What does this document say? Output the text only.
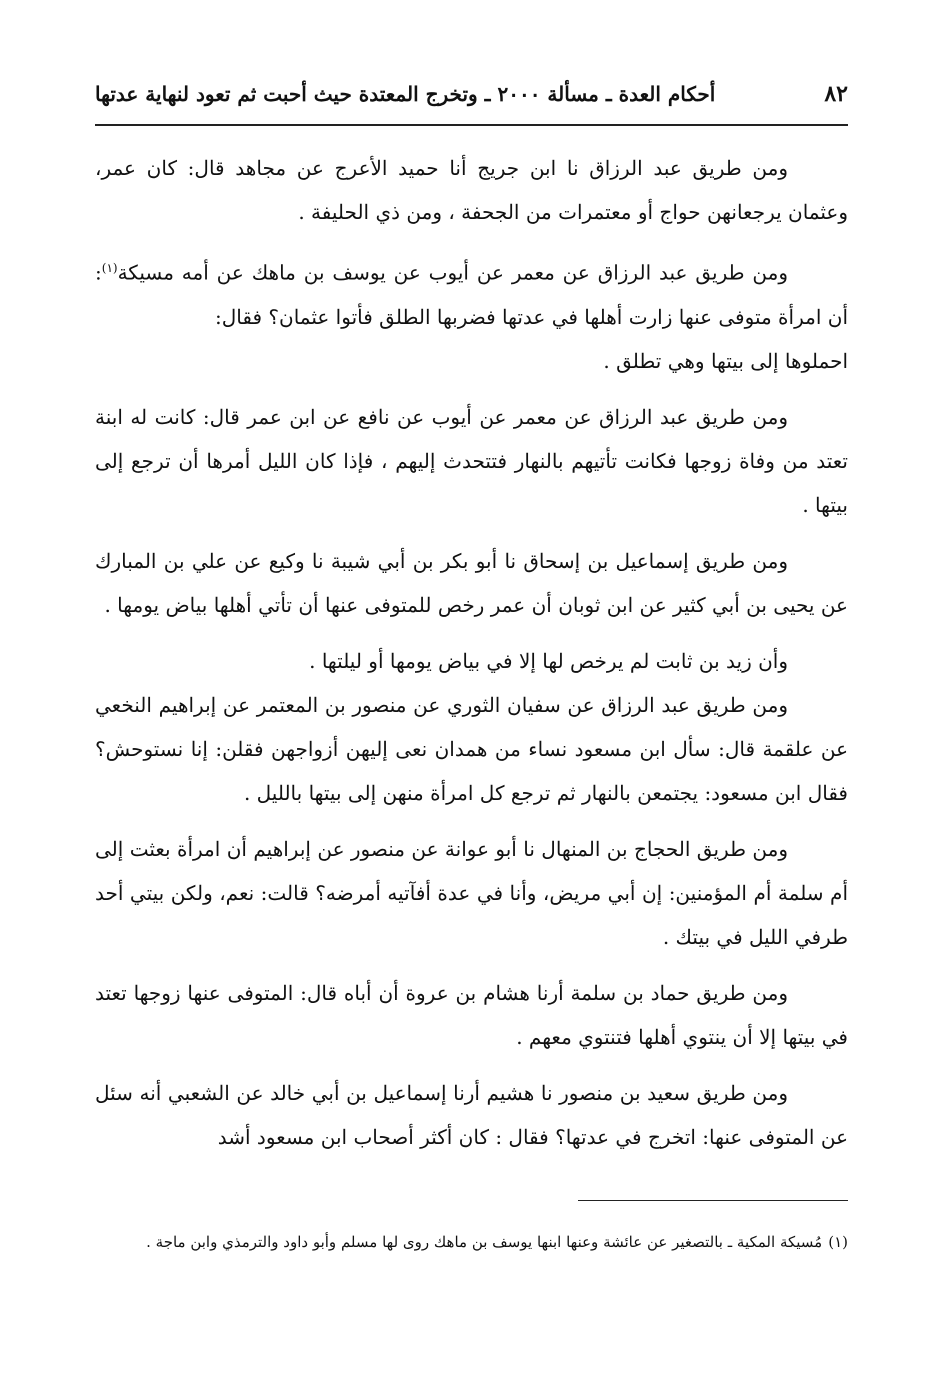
٨٢
أحكام العدة ـ مسألة ٢٠٠٠ ـ وتخرج المعتدة حيث أحبت ثم تعود لنهاية عدتها

ومن طريق عبد الرزاق نا ابن جريج أنا حميد الأعرج عن مجاهد قال: كان عمر، وعثمان يرجعانهن حواج أو معتمرات من الجحفة ، ومن ذي الحليفة .

ومن طريق عبد الرزاق عن معمر عن أيوب عن يوسف بن ماهك عن أمه مسيكة$^{(١)}$: أن امرأة متوفى عنها زارت أهلها في عدتها فضربها الطلق فأتوا عثمان؟ فقال:

احملوها إلى بيتها وهي تطلق .

ومن طريق عبد الرزاق عن معمر عن أيوب عن نافع عن ابن عمر قال: كانت له ابنة تعتد من وفاة زوجها فكانت تأتيهم بالنهار فتتحدث إليهم ، فإذا كان الليل أمرها أن ترجع إلى بيتها .

ومن طريق إسماعيل بن إسحاق نا أبو بكر بن أبي شيبة نا وكيع عن علي بن المبارك عن يحيى بن أبي كثير عن ابن ثوبان أن عمر رخص للمتوفى عنها أن تأتي أهلها بياض يومها .

وأن زيد بن ثابت لم يرخص لها إلا في بياض يومها أو ليلتها .

ومن طريق عبد الرزاق عن سفيان الثوري عن منصور بن المعتمر عن إبراهيم النخعي عن علقمة قال: سأل ابن مسعود نساء من همدان نعى إليهن أزواجهن فقلن: إنا نستوحش؟ فقال ابن مسعود: يجتمعن بالنهار ثم ترجع كل امرأة منهن إلى بيتها بالليل .

ومن طريق الحجاج بن المنهال نا أبو عوانة عن منصور عن إبراهيم أن امرأة بعثت إلى أم سلمة أم المؤمنين: إن أبي مريض، وأنا في عدة أفآتيه أمرضه؟ قالت: نعم، ولكن بيتي أحد طرفي الليل في بيتك .

ومن طريق حماد بن سلمة أرنا هشام بن عروة أن أباه قال: المتوفى عنها زوجها تعتد في بيتها إلا أن ينتوي أهلها فتنتوي معهم .

ومن طريق سعيد بن منصور نا هشيم أرنا إسماعيل بن أبي خالد عن الشعبي أنه سئل عن المتوفى عنها: اتخرج في عدتها؟ فقال : كان أكثر أصحاب ابن مسعود أشد

(١)مُسيكة المكية ـ بالتصغير عن عائشة وعنها ابنها يوسف بن ماهك روى لها مسلم وأبو داود والترمذي وابن ماجة .
